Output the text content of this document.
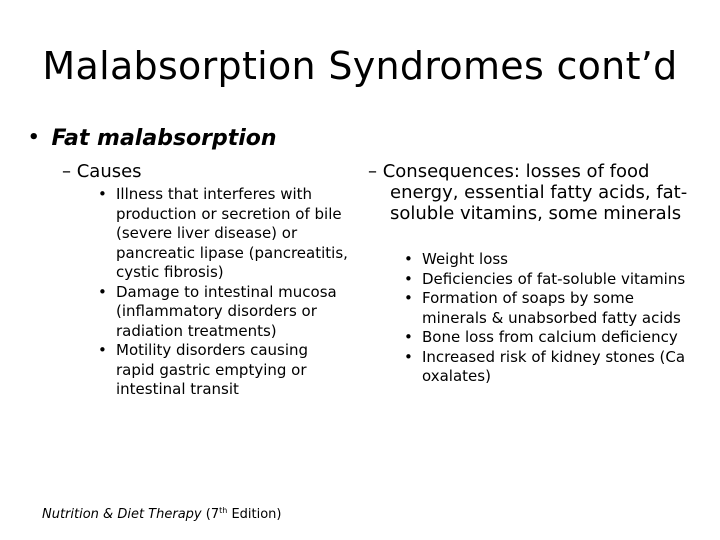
Malabsorption Syndromes cont’d
• Fat malabsorption
– Causes
• Illness that interferes with production or secretion of bile (severe liver disease) or pancreatic lipase (pancreatitis, cystic fibrosis)
• Damage to intestinal mucosa (inflammatory disorders or radiation treatments)
• Motility disorders causing rapid gastric emptying or intestinal transit
– Consequences: losses of food energy, essential fatty acids, fat-soluble vitamins, some minerals
• Weight loss
• Deficiencies of fat-soluble vitamins
• Formation of soaps by some minerals & unabsorbed fatty acids
• Bone loss from calcium deficiency
• Increased risk of kidney stones (Ca oxalates)
Nutrition & Diet Therapy (7th Edition)
